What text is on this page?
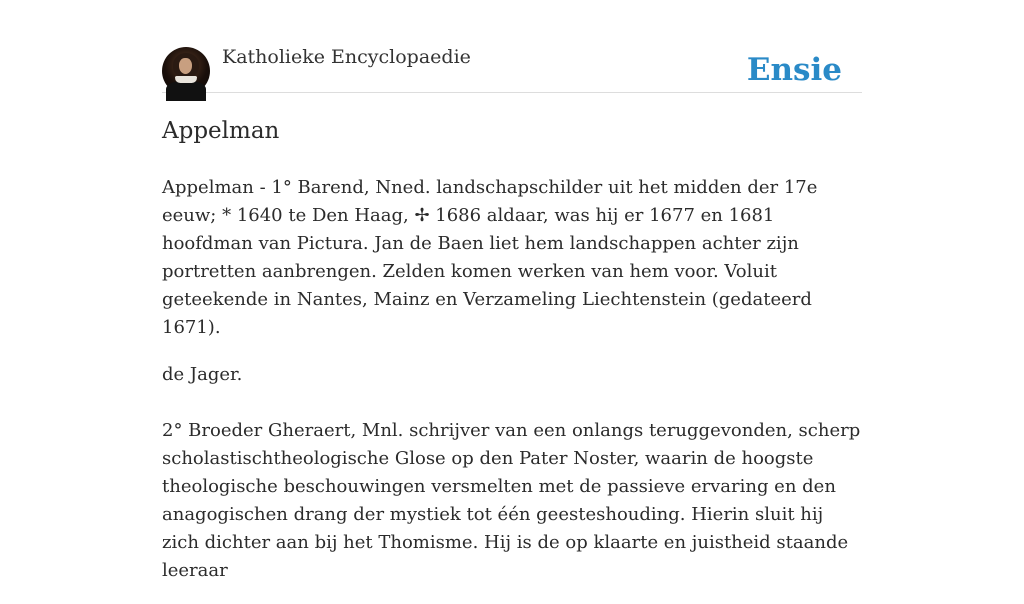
Katholieke Encyclopaedie	Ensie
Appelman

Appelman - 1° Barend, Nned. landschapschilder uit het midden der 17e eeuw; * 1640 te Den Haag, ✢ 1686 aldaar, was hij er 1677 en 1681 hoofdman van Pictura. Jan de Baen liet hem landschappen achter zijn portretten aanbrengen. Zelden komen werken van hem voor. Voluit geteekende in Nantes, Mainz en Verzameling Liechtenstein (gedateerd 1671).

de Jager.

2° Broeder Gheraert, Mnl. schrijver van een onlangs teruggevonden, scherp scholastischtheologische Glose op den Pater Noster, waarin de hoogste theologische beschouwingen versmelten met de passieve ervaring en den anagogischen drang der mystiek tot één geesteshouding. Hierin sluit hij zich dichter aan bij het Thomisme. Hij is de op klaarte en juistheid staande leeraar
